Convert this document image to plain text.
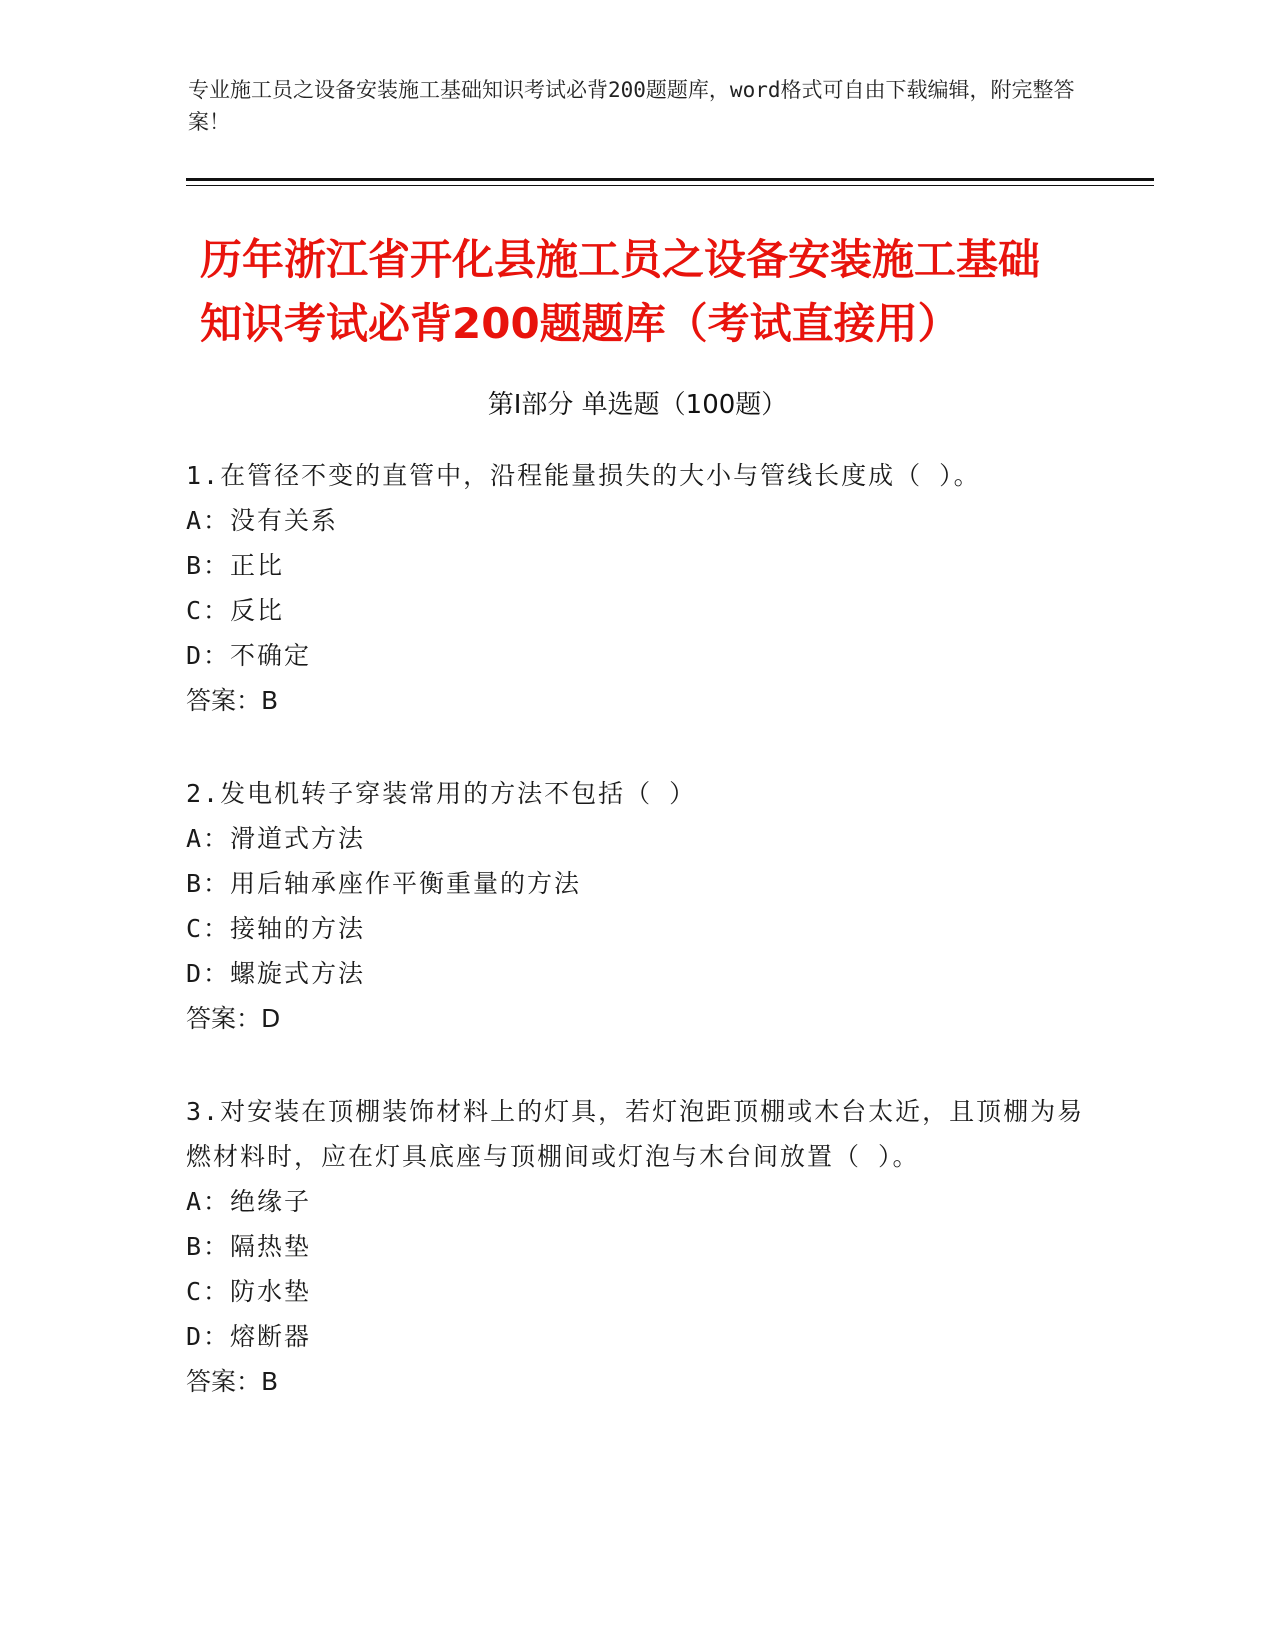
专业施工员之设备安装施工基础知识考试必背200题题库，word格式可自由下载编辑，附完整答案！
历年浙江省开化县施工员之设备安装施工基础知识考试必背200题题库（考试直接用）
第Ⅰ部分 单选题（100题）
1.在管径不变的直管中，沿程能量损失的大小与管线长度成（ ）。
A：没有关系
B：正比
C：反比
D：不确定
答案：B
2.发电机转子穿装常用的方法不包括（ ）
A：滑道式方法
B：用后轴承座作平衡重量的方法
C：接轴的方法
D：螺旋式方法
答案：D
3.对安装在顶棚装饰材料上的灯具，若灯泡距顶棚或木台太近，且顶棚为易燃材料时，应在灯具底座与顶棚间或灯泡与木台间放置（ ）。
A：绝缘子
B：隔热垫
C：防水垫
D：熔断器
答案：B
